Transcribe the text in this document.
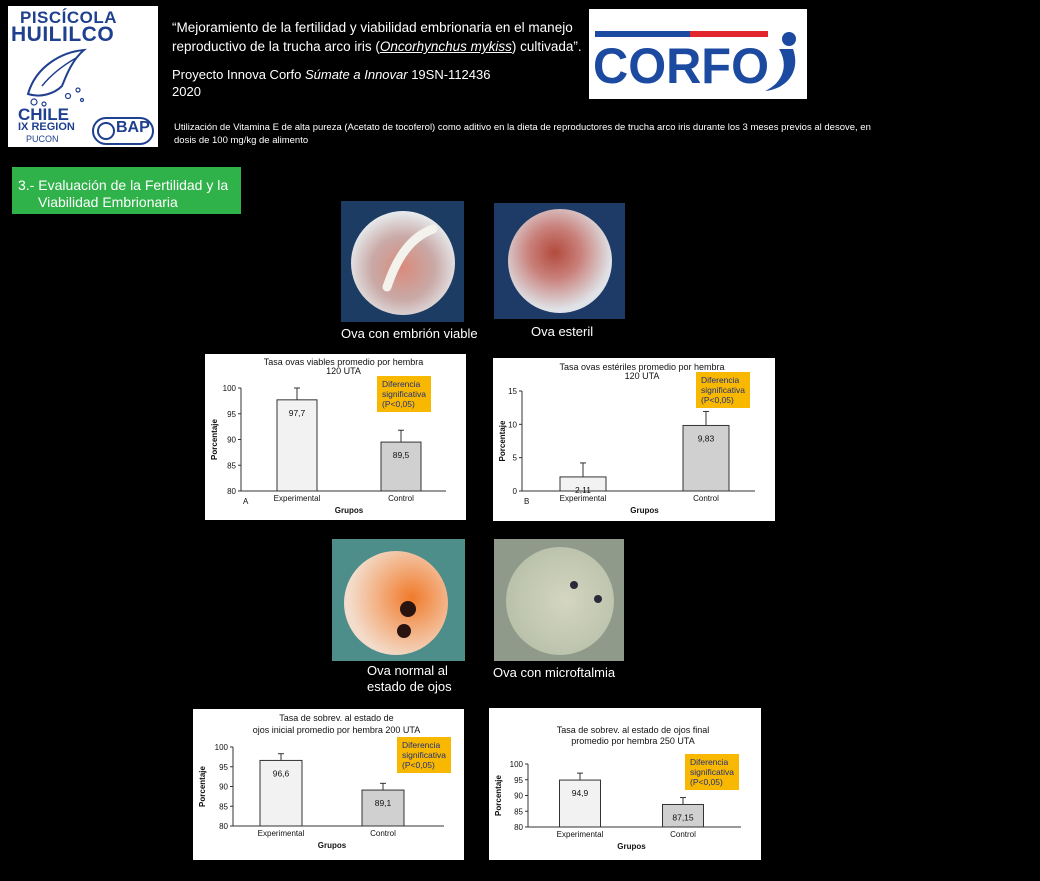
PISCÍCOLA
HUILILCO
CHILE
IX REGION
PUCON
BAP
“Mejoramiento de la fertilidad y viabilidad embrionaria en el manejo reproductivo de la trucha arco iris (Oncorhynchus mykiss) cultivada”.
Proyecto Innova Corfo Súmate a Innovar 19SN-112436
2020	CORFO
Utilización de Vitamina E de alta pureza (Acetato de tocoferol) como aditivo en la dieta de reproductores de trucha arco iris durante los 3 meses previos al desove, en dosis de 100 mg/kg de alimento
3.- Evaluación de la Fertilidad y la
Viabilidad Embrionaria
Ova con embrión viable	Ova esteril
Ova normal al
estado de ojos
Ova con microftalmia
Tasa ovas viables promedio por hembra
120 UTA
80
85
90
95
100
Porcentaje
97,7
Experimental
89,5
Control
Grupos
A
Diferencia
significativa
(P<0,05)
Tasa ovas estériles promedio por hembra
120 UTA
0
5
10
15
Porcentaje
2,11
Experimental
9,83
Control
Grupos
B
Diferencia
significativa
(P<0,05)
Tasa de sobrev. al estado de
ojos inicial promedio por hembra 200 UTA
80
85
90
95
100
Porcentaje	96,6
Experimental
89,1
Control
Grupos
Diferencia
significativa
(P<0,05)
Tasa de sobrev. al estado de ojos final
promedio por hembra 250 UTA
80
85
90
95
100
Porcentaje	94,9
Experimental
87,15
Control
Grupos
Diferencia
significativa
(P<0,05)
